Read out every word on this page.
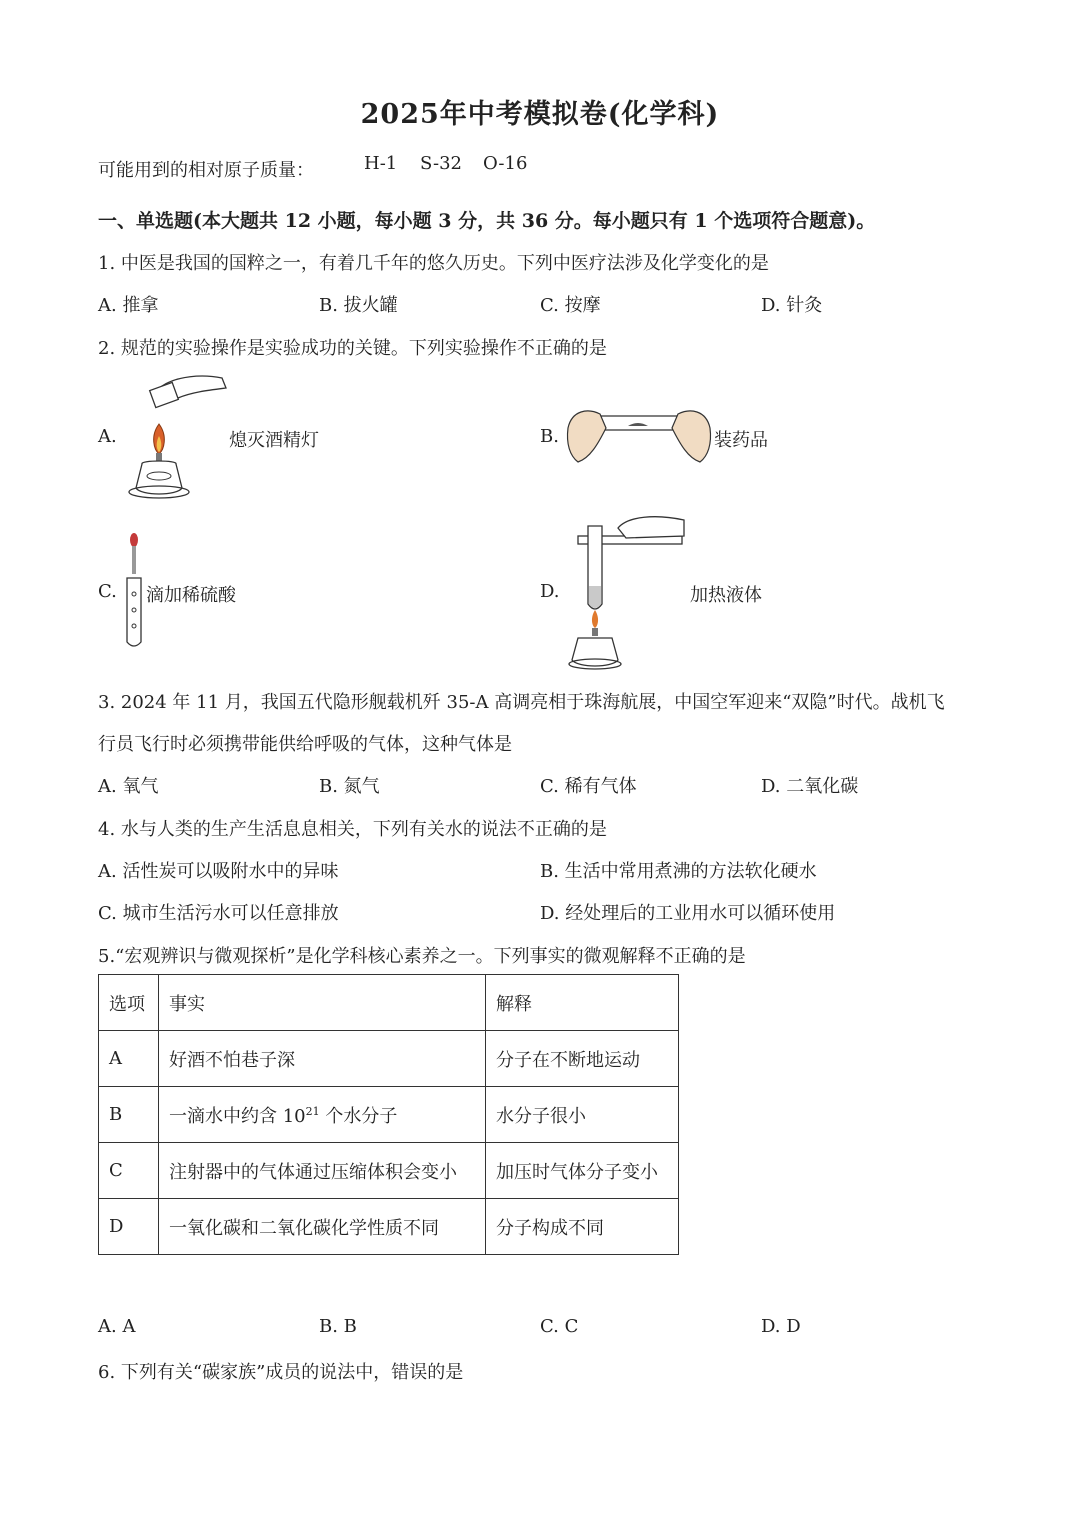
2025年中考模拟卷(化学科)
可能用到的相对原子质量：	H-1 S-32 O-16
一、单选题(本大题共 12 小题，每小题 3 分，共 36 分。每小题只有 1 个选项符合题意)。
1. 中医是我国的国粹之一，有着几千年的悠久历史。下列中医疗法涉及化学变化的是
A. 推拿	B. 拔火罐	C. 按摩	D. 针灸
2. 规范的实验操作是实验成功的关键。下列实验操作不正确的是
A.	熄灭酒精灯	B.	装药品
C. 滴加稀硫酸	D.	加热液体
3. 2024 年 11 月，我国五代隐形舰载机歼 35-A 高调亮相于珠海航展，中国空军迎来“双隐”时代。战机飞
行员飞行时必须携带能供给呼吸的气体，这种气体是
A. 氧气	B. 氮气	C. 稀有气体	D. 二氧化碳
4. 水与人类的生产生活息息相关，下列有关水的说法不正确的是
A. 活性炭可以吸附水中的异味	B. 生活中常用煮沸的方法软化硬水
C. 城市生活污水可以任意排放	D. 经处理后的工业用水可以循环使用
5.“宏观辨识与微观探析”是化学科核心素养之一。下列事实的微观解释不正确的是
选项	事实	解释
A	好酒不怕巷子深	分子在不断地运动
B	一滴水中约含 $10^{21}$ 个水分子	水分子很小
C	注射器中的气体通过压缩体积会变小	加压时气体分子变小
D	一氧化碳和二氧化碳化学性质不同	分子构成不同
A. A	B. B	C. C	D. D
6. 下列有关“碳家族”成员的说法中，错误的是
